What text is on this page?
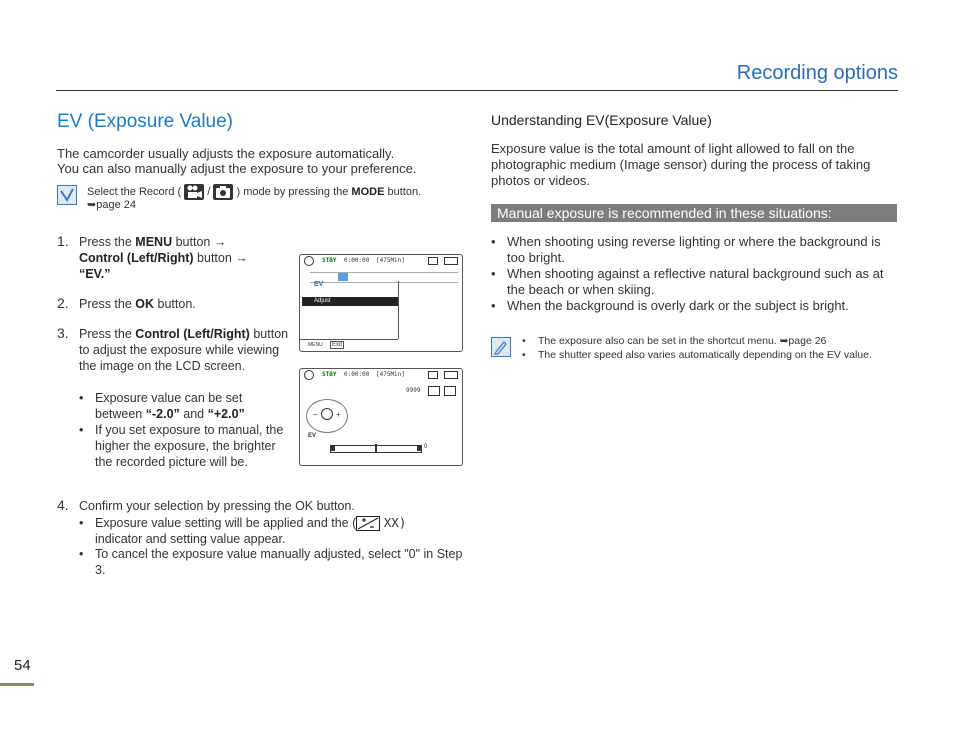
Recording options
EV (Exposure Value)
The camcorder usually adjusts the exposure automatically.
You can also manually adjust the exposure to your preference.
Select the Record ( / ) mode by pressing the MODE button.
➥page 24
1. Press the MENU button →
Control (Left/Right) button →
“EV.”
2. Press the OK button.
3. Press the Control (Left/Right) button to adjust the exposure while viewing the image on the LCD screen.
• Exposure value can be set between “-2.0” and “+2.0”
• If you set exposure to manual, the higher the exposure, the brighter the recorded picture will be.
4. Confirm your selection by pressing the OK button.
• Exposure value setting will be applied and the ( XX)
indicator and setting value appear.
• To cancel the exposure value manually adjusted, select "0" in Step 3.
STBY 0:00:00 [475Min]
EV
Adjust
MENU	Exit
STBY 0:00:00 [475Min]
9999
– +
EV
0
Understanding EV(Exposure Value)
Exposure value is the total amount of light allowed to fall on the photographic medium (Image sensor) during the process of taking photos or videos.
Manual exposure is recommended in these situations:
• When shooting using reverse lighting or where the background is too bright.
• When shooting against a reflective natural background such as at the beach or when skiing.
• When the background is overly dark or the subject is bright.
• The exposure also can be set in the shortcut menu. ➥page 26
• The shutter speed also varies automatically depending on the EV value.
54
